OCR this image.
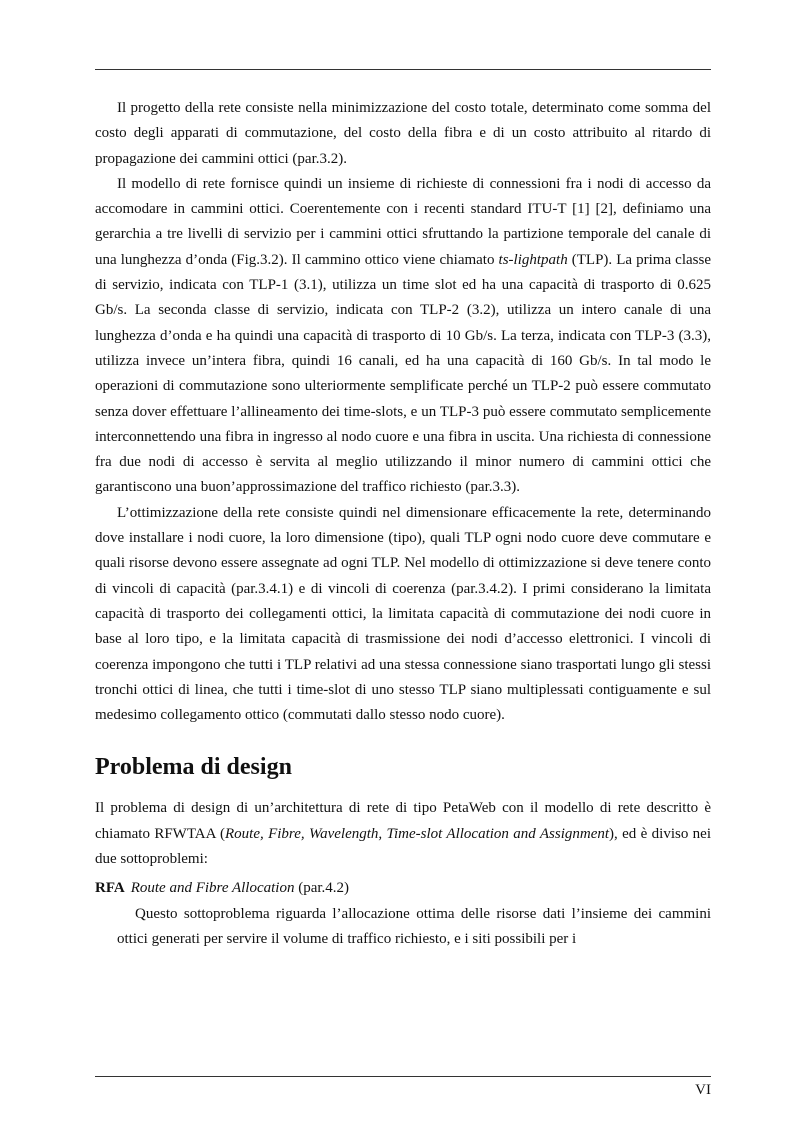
Il progetto della rete consiste nella minimizzazione del costo totale, determinato come somma del costo degli apparati di commutazione, del costo della fibra e di un costo attribuito al ritardo di propagazione dei cammini ottici (par.3.2).

Il modello di rete fornisce quindi un insieme di richieste di connessioni fra i nodi di accesso da accomodare in cammini ottici. Coerentemente con i recenti standard ITU-T [1] [2], definiamo una gerarchia a tre livelli di servizio per i cammini ottici sfruttando la partizione temporale del canale di una lunghezza d’onda (Fig.3.2). Il cammino ottico viene chiamato ts-lightpath (TLP). La prima classe di servizio, indicata con TLP-1 (3.1), utilizza un time slot ed ha una capacità di trasporto di 0.625 Gb/s. La seconda classe di servizio, indicata con TLP-2 (3.2), utilizza un intero canale di una lunghezza d’onda e ha quindi una capacità di trasporto di 10 Gb/s. La terza, indicata con TLP-3 (3.3), utilizza invece un’intera fibra, quindi 16 canali, ed ha una capacità di 160 Gb/s. In tal modo le operazioni di commutazione sono ulteriormente semplificate perché un TLP-2 può essere commutato senza dover effettuare l’allineamento dei time-slots, e un TLP-3 può essere commutato semplicemente interconnettendo una fibra in ingresso al nodo cuore e una fibra in uscita. Una richiesta di connessione fra due nodi di accesso è servita al meglio utilizzando il minor numero di cammini ottici che garantiscono una buon’approssimazione del traffico richiesto (par.3.3).

L’ottimizzazione della rete consiste quindi nel dimensionare efficacemente la rete, determinando dove installare i nodi cuore, la loro dimensione (tipo), quali TLP ogni nodo cuore deve commutare e quali risorse devono essere assegnate ad ogni TLP. Nel modello di ottimizzazione si deve tenere conto di vincoli di capacità (par.3.4.1) e di vincoli di coerenza (par.3.4.2). I primi considerano la limitata capacità di trasporto dei collegamenti ottici, la limitata capacità di commutazione dei nodi cuore in base al loro tipo, e la limitata capacità di trasmissione dei nodi d’accesso elettronici. I vincoli di coerenza impongono che tutti i TLP relativi ad una stessa connessione siano trasportati lungo gli stessi tronchi ottici di linea, che tutti i time-slot di uno stesso TLP siano multiplessati contiguamente e sul medesimo collegamento ottico (commutati dallo stesso nodo cuore).

Problema di design

Il problema di design di un’architettura di rete di tipo PetaWeb con il modello di rete descritto è chiamato RFWTAA (Route, Fibre, Wavelength, Time-slot Allocation and Assignment), ed è diviso nei due sottoproblemi:

RFA Route and Fibre Allocation (par.4.2)
Questo sottoproblema riguarda l’allocazione ottima delle risorse dati l’insieme dei cammini ottici generati per servire il volume di traffico richiesto, e i siti possibili per i
VI
